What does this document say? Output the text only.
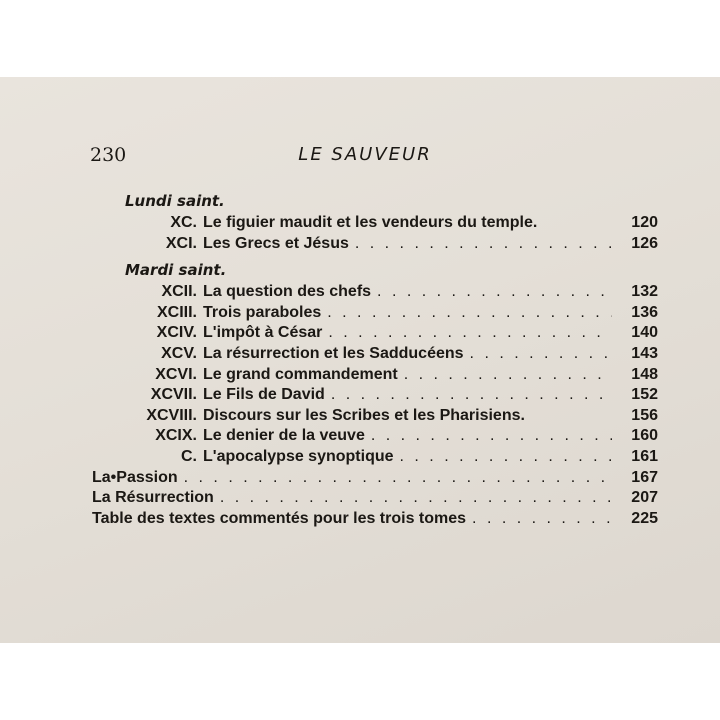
230	LE SAUVEUR
Lundi saint.
XC. Le figuier maudit et les vendeurs du temple.	120
XCI. Les Grecs et Jésus . . .	126
Mardi saint.
XCII. La question des chefs . . .	132
XCIII. Trois paraboles . . .	136
XCIV. L'impôt à César . . .	140
XCV. La résurrection et les Sadducéens . . .	143
XCVI. Le grand commandement . . .	148
XCVII. Le Fils de David . . .	152
XCVIII. Discours sur les Scribes et les Pharisiens.	156
XCIX. Le denier de la veuve . . .	160
C. L'apocalypse synoptique . . .	161
La•Passion . . .	167
La Résurrection . . .	207
Table des textes commentés pour les trois tomes . . .	225
